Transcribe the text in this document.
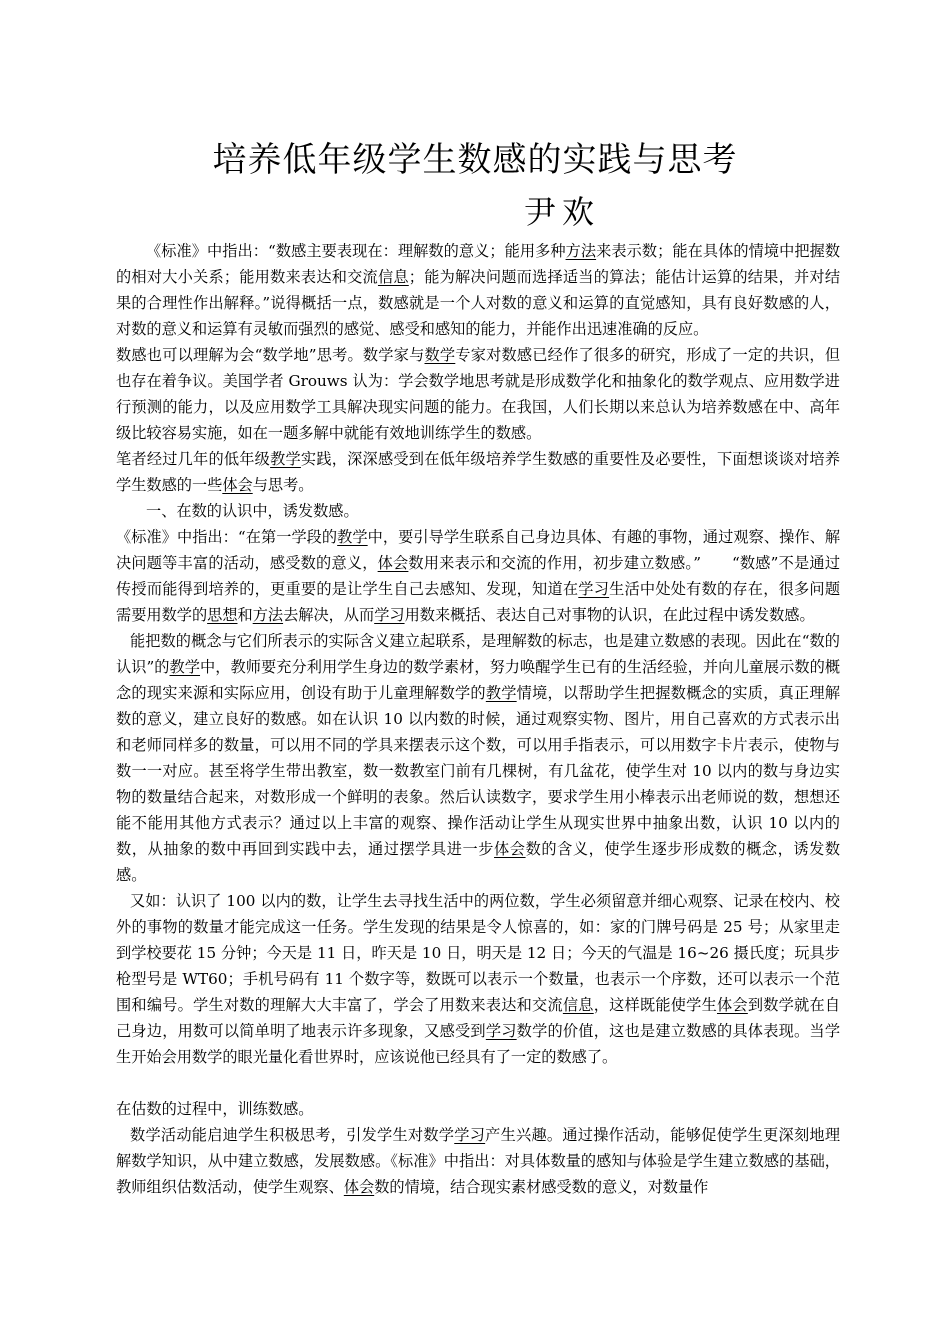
培养低年级学生数感的实践与思考
尹欢

《标准》中指出：“数感主要表现在：理解数的意义；能用多种方法来表示数；能在具体的情境中把握数的相对大小关系；能用数来表达和交流信息；能为解决问题而选择适当的算法；能估计运算的结果，并对结果的合理性作出解释。”说得概括一点，数感就是一个人对数的意义和运算的直觉感知，具有良好数感的人，对数的意义和运算有灵敏而强烈的感觉、感受和感知的能力，并能作出迅速准确的反应。

数感也可以理解为会“数学地”思考。数学家与数学专家对数感已经作了很多的研究，形成了一定的共识，但也存在着争议。美国学者 Grouws 认为：学会数学地思考就是形成数学化和抽象化的数学观点、应用数学进行预测的能力，以及应用数学工具解决现实问题的能力。在我国，人们长期以来总认为培养数感在中、高年级比较容易实施，如在一题多解中就能有效地训练学生的数感。

笔者经过几年的低年级教学实践，深深感受到在低年级培养学生数感的重要性及必要性，下面想谈谈对培养学生数感的一些体会与思考。

一、在数的认识中，诱发数感。

《标准》中指出：“在第一学段的教学中，要引导学生联系自己身边具体、有趣的事物，通过观察、操作、解决问题等丰富的活动，感受数的意义，体会数用来表示和交流的作用，初步建立数感。”　　“数感”不是通过传授而能得到培养的，更重要的是让学生自己去感知、发现，知道在学习生活中处处有数的存在，很多问题需要用数学的思想和方法去解决，从而学习用数来概括、表达自己对事物的认识，在此过程中诱发数感。

能把数的概念与它们所表示的实际含义建立起联系，是理解数的标志，也是建立数感的表现。因此在“数的认识”的教学中，教师要充分利用学生身边的数学素材，努力唤醒学生已有的生活经验，并向儿童展示数的概念的现实来源和实际应用，创设有助于儿童理解数学的教学情境，以帮助学生把握数概念的实质，真正理解数的意义，建立良好的数感。如在认识 10 以内数的时候，通过观察实物、图片，用自己喜欢的方式表示出和老师同样多的数量，可以用不同的学具来摆表示这个数，可以用手指表示，可以用数字卡片表示，使物与数一一对应。甚至将学生带出教室，数一数教室门前有几棵树，有几盆花，使学生对 10 以内的数与身边实物的数量结合起来，对数形成一个鲜明的表象。然后认读数字，要求学生用小棒表示出老师说的数，想想还能不能用其他方式表示？通过以上丰富的观察、操作活动让学生从现实世界中抽象出数，认识 10 以内的数，从抽象的数中再回到实践中去，通过摆学具进一步体会数的含义，使学生逐步形成数的概念，诱发数感。

又如：认识了 100 以内的数，让学生去寻找生活中的两位数，学生必须留意并细心观察、记录在校内、校外的事物的数量才能完成这一任务。学生发现的结果是令人惊喜的，如：家的门牌号码是 25 号；从家里走到学校要花 15 分钟；今天是 11 日，昨天是 10 日，明天是 12 日；今天的气温是 16~26 摄氏度；玩具步枪型号是 WT60；手机号码有 11 个数字等，数既可以表示一个数量，也表示一个序数，还可以表示一个范围和编号。学生对数的理解大大丰富了，学会了用数来表达和交流信息，这样既能使学生体会到数学就在自己身边，用数可以简单明了地表示许多现象，又感受到学习数学的价值，这也是建立数感的具体表现。当学生开始会用数学的眼光量化看世界时，应该说他已经具有了一定的数感了。

在估数的过程中，训练数感。

数学活动能启迪学生积极思考，引发学生对数学学习产生兴趣。通过操作活动，能够促使学生更深刻地理解数学知识，从中建立数感，发展数感。《标准》中指出：对具体数量的感知与体验是学生建立数感的基础，教师组织估数活动，使学生观察、体会数的情境，结合现实素材感受数的意义，对数量作
